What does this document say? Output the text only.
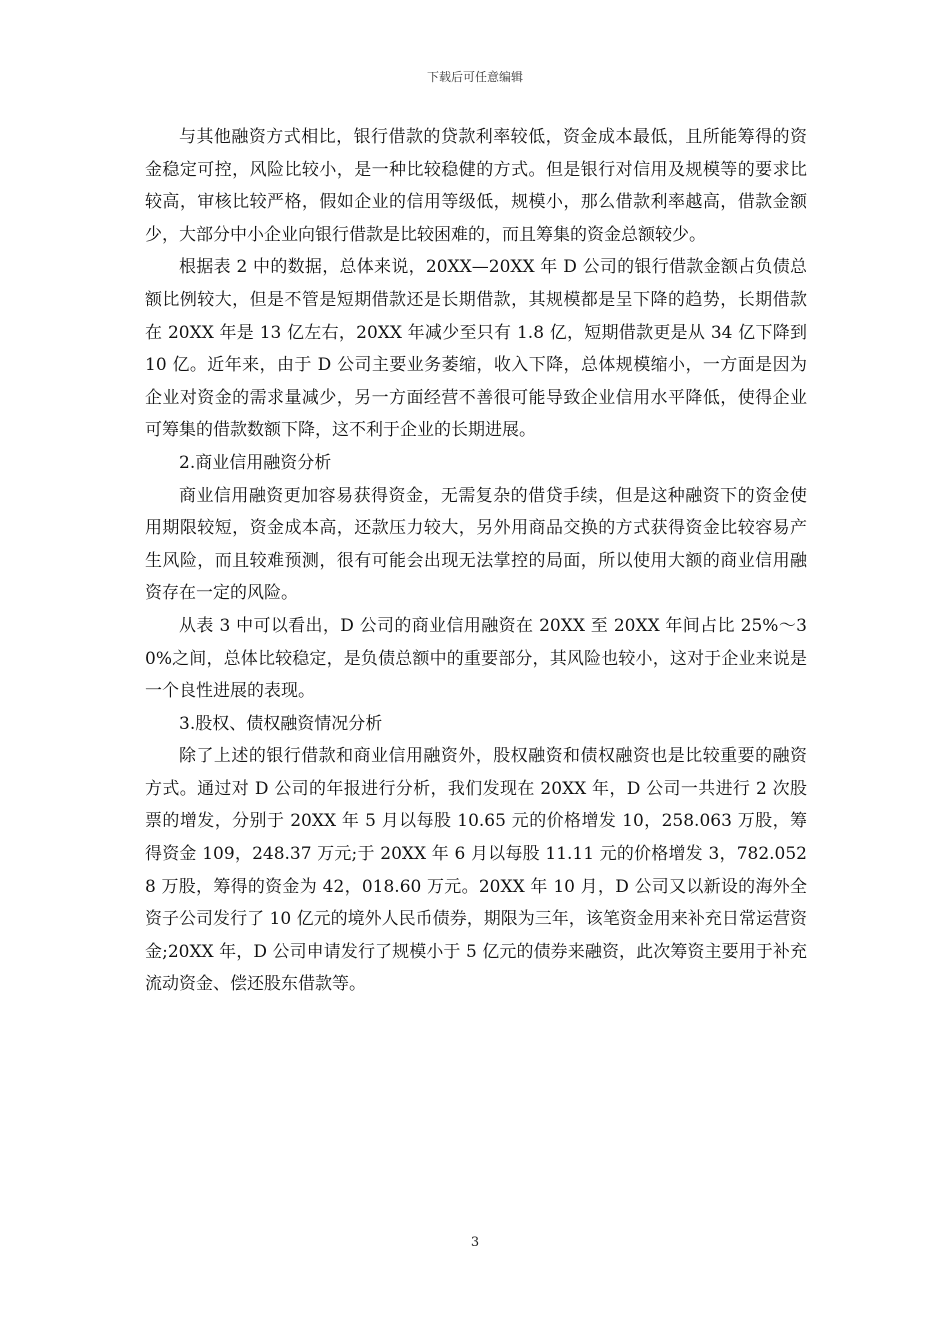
下载后可任意编辑

与其他融资方式相比，银行借款的贷款利率较低，资金成本最低，且所能筹得的资金稳定可控，风险比较小，是一种比较稳健的方式。但是银行对信用及规模等的要求比较高，审核比较严格，假如企业的信用等级低，规模小，那么借款利率越高，借款金额少，大部分中小企业向银行借款是比较困难的，而且筹集的资金总额较少。

根据表 2 中的数据，总体来说，20XX—20XX 年 D 公司的银行借款金额占负债总额比例较大，但是不管是短期借款还是长期借款，其规模都是呈下降的趋势，长期借款在 20XX 年是 13 亿左右，20XX 年减少至只有 1.8 亿，短期借款更是从 34 亿下降到 10 亿。近年来，由于 D 公司主要业务萎缩，收入下降，总体规模缩小，一方面是因为企业对资金的需求量减少，另一方面经营不善很可能导致企业信用水平降低，使得企业可筹集的借款数额下降，这不利于企业的长期进展。

2.商业信用融资分析

商业信用融资更加容易获得资金，无需复杂的借贷手续，但是这种融资下的资金使用期限较短，资金成本高，还款压力较大，另外用商品交换的方式获得资金比较容易产生风险，而且较难预测，很有可能会出现无法掌控的局面，所以使用大额的商业信用融资存在一定的风险。

从表 3 中可以看出，D 公司的商业信用融资在 20XX 至 20XX 年间占比 25%～30%之间，总体比较稳定，是负债总额中的重要部分，其风险也较小，这对于企业来说是一个良性进展的表现。

3.股权、债权融资情况分析

除了上述的银行借款和商业信用融资外，股权融资和债权融资也是比较重要的融资方式。通过对 D 公司的年报进行分析，我们发现在 20XX 年，D 公司一共进行 2 次股票的增发，分别于 20XX 年 5 月以每股 10.65 元的价格增发 10，258.063 万股，筹得资金 109，248.37 万元;于 20XX 年 6 月以每股 11.11 元的价格增发 3，782.0528 万股，筹得的资金为 42，018.60 万元。20XX 年 10 月，D 公司又以新设的海外全资子公司发行了 10 亿元的境外人民币债券，期限为三年，该笔资金用来补充日常运营资金;20XX 年，D 公司申请发行了规模小于 5 亿元的债券来融资，此次筹资主要用于补充流动资金、偿还股东借款等。

3
